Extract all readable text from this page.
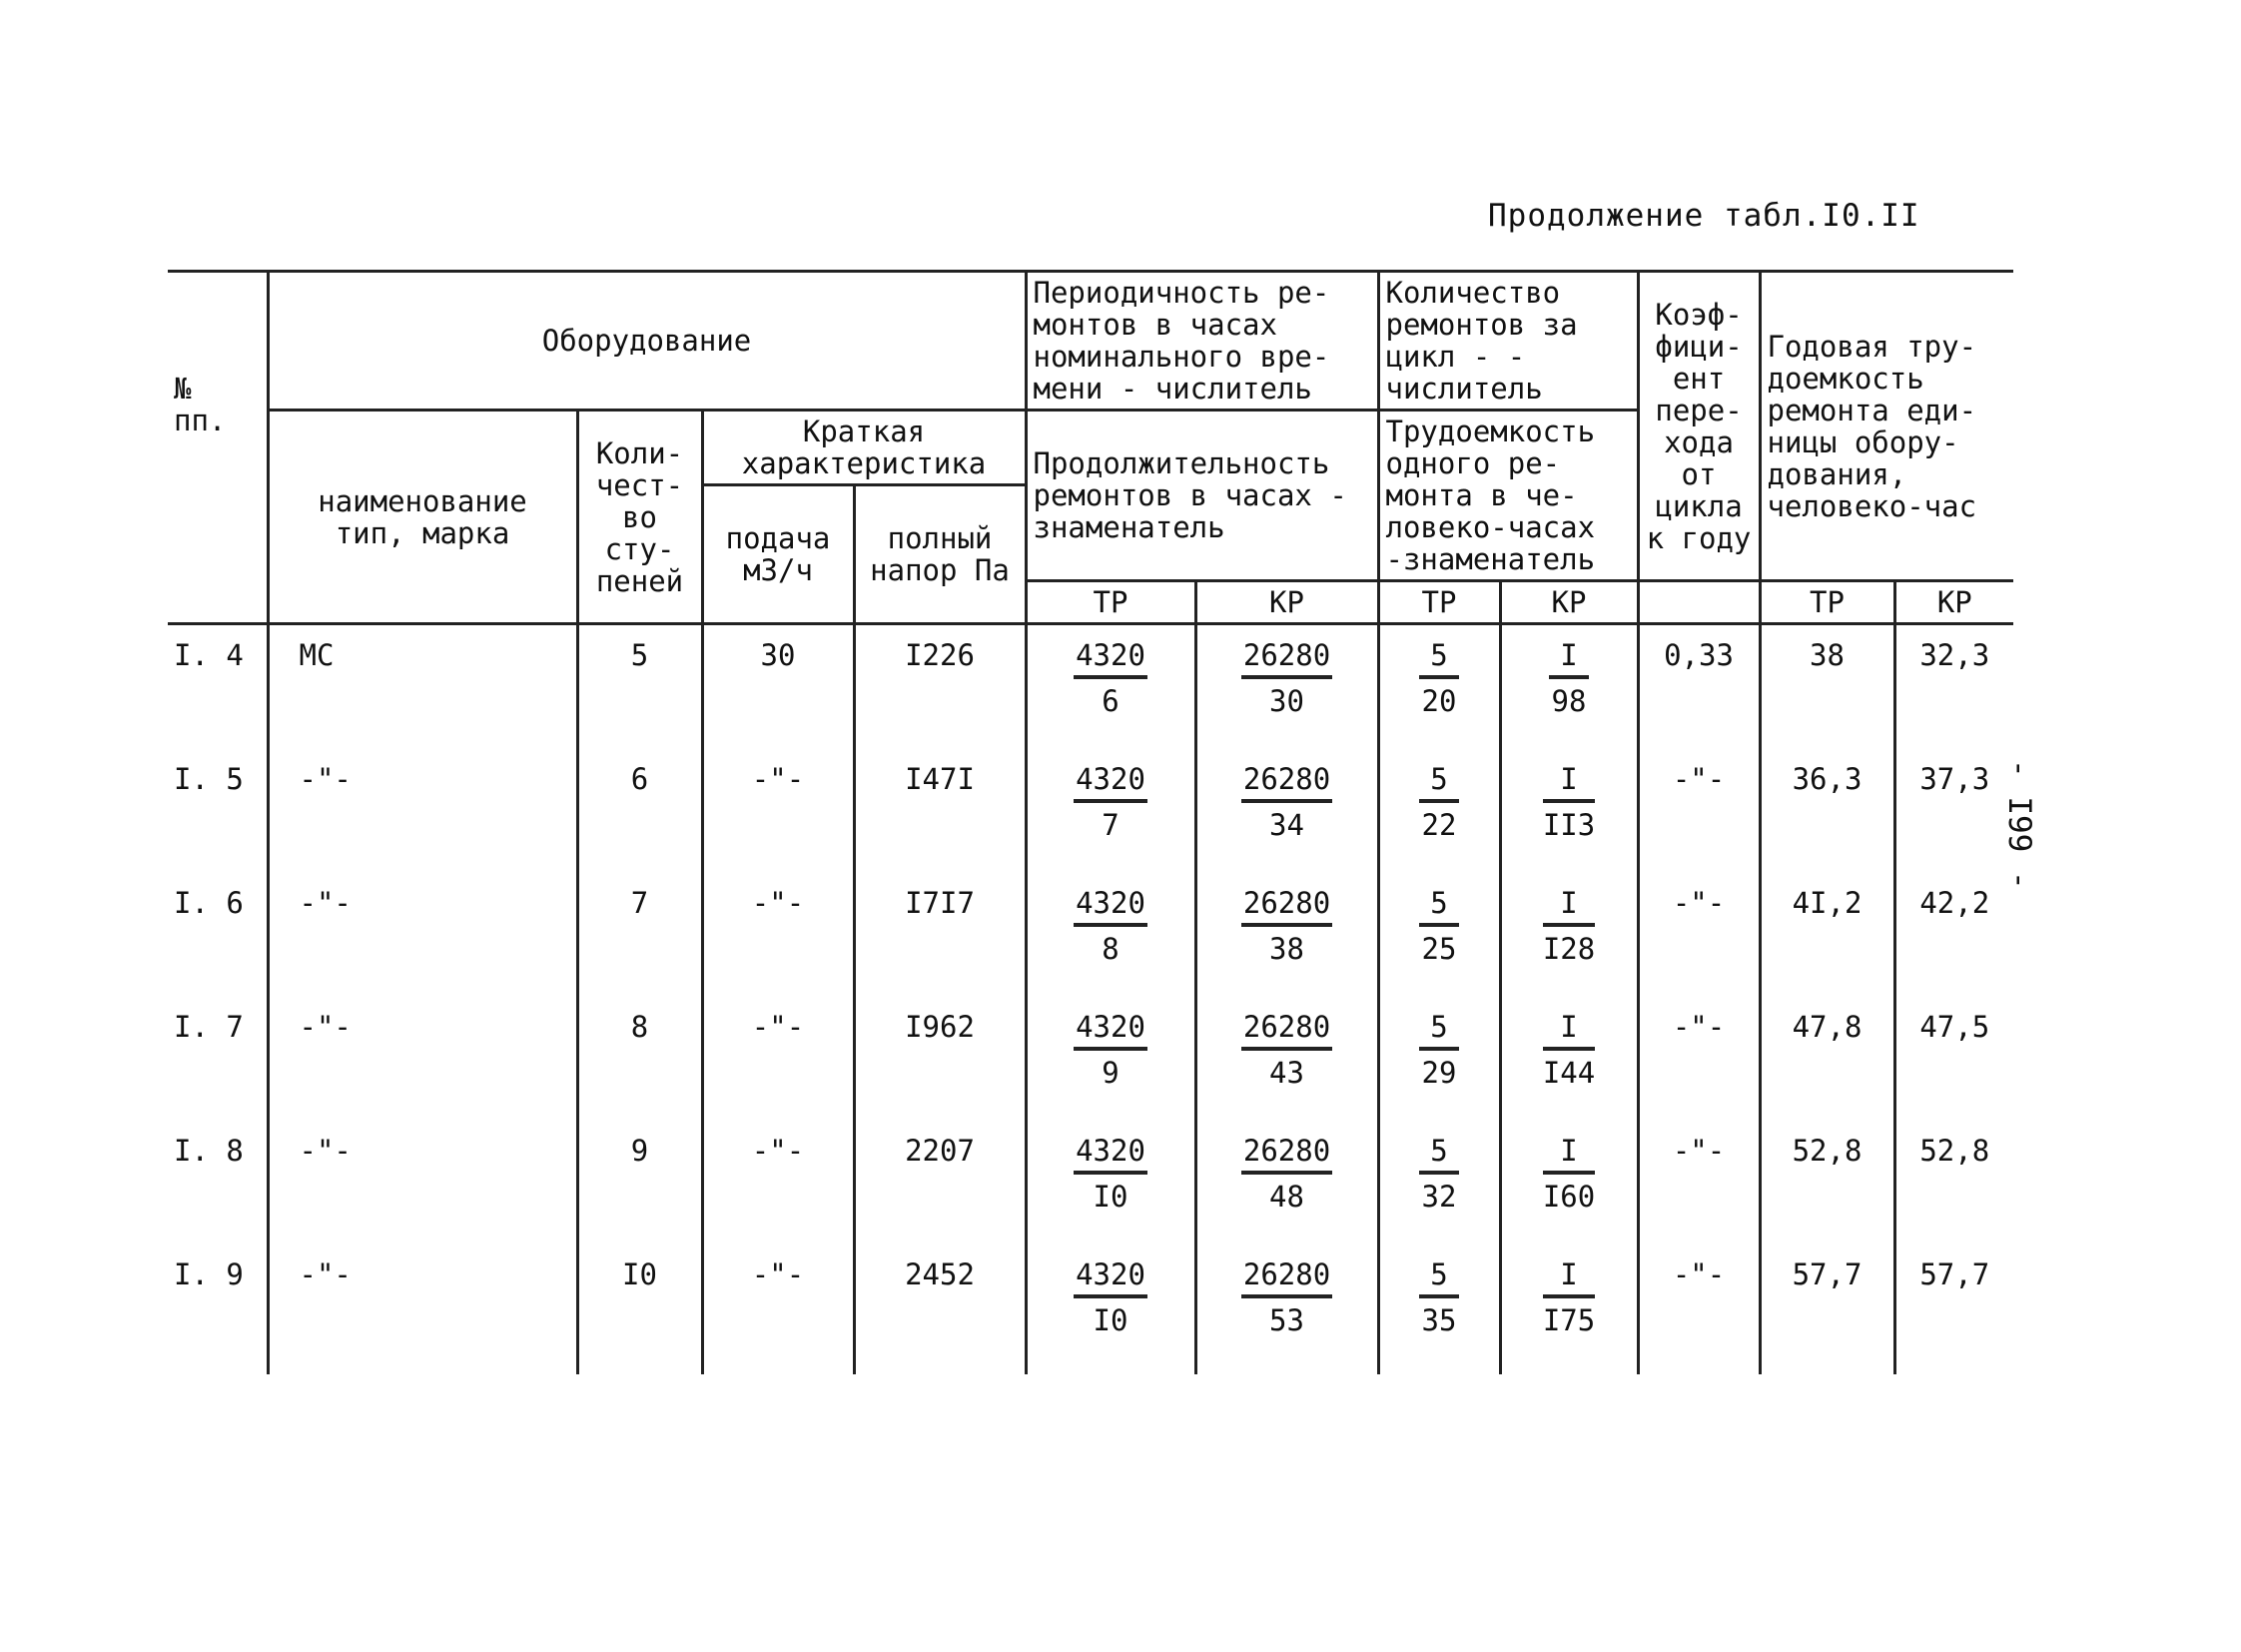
Продолжение табл.I0.II
- I99 -
№ пп.	Оборудование				Периодичность ре-монтов в часах номинального вре-мени - числитель		Количество ремонтов за цикл - - числитель		Коэф-фици-ент пере-хода от цикла к году	Годовая тру-доемкость ремонта еди-ницы обору-дования, человеко-час	

	наименование
тип, марка	Коли-чест-во сту-пеней	Краткая характеристика		Продолжительность ремонтов в часах - знаменатель		Трудоемкость одного ре-монта в че-ловеко-часах -знаменатель				
			подача м3/ч	полный напор Па							
					ТР	КР	ТР	КР		ТР	КР
I. 4	МС	5	30	I226	$\frac{4320}{6}$	$\frac{26280}{30}$	$\frac{5}{20}$	$\frac{I}{98}$	0,33	38	32,3
I. 5	-"-	6	-"-	I47I	$\frac{4320}{7}$	$\frac{26280}{34}$	$\frac{5}{22}$	$\frac{I}{II3}$	-"-	36,3	37,3
I. 6	-"-	7	-"-	I7I7	$\frac{4320}{8}$	$\frac{26280}{38}$	$\frac{5}{25}$	$\frac{I}{I28}$	-"-	4I,2	42,2
I. 7	-"-	8	-"-	I962	$\frac{4320}{9}$	$\frac{26280}{43}$	$\frac{5}{29}$	$\frac{I}{I44}$	-"-	47,8	47,5
I. 8	-"-	9	-"-	2207	$\frac{4320}{I0}$	$\frac{26280}{48}$	$\frac{5}{32}$	$\frac{I}{I60}$	-"-	52,8	52,8
I. 9	-"-	I0	-"-	2452	$\frac{4320}{I0}$	$\frac{26280}{53}$	$\frac{5}{35}$	$\frac{I}{I75}$	-"-	57,7	57,7
